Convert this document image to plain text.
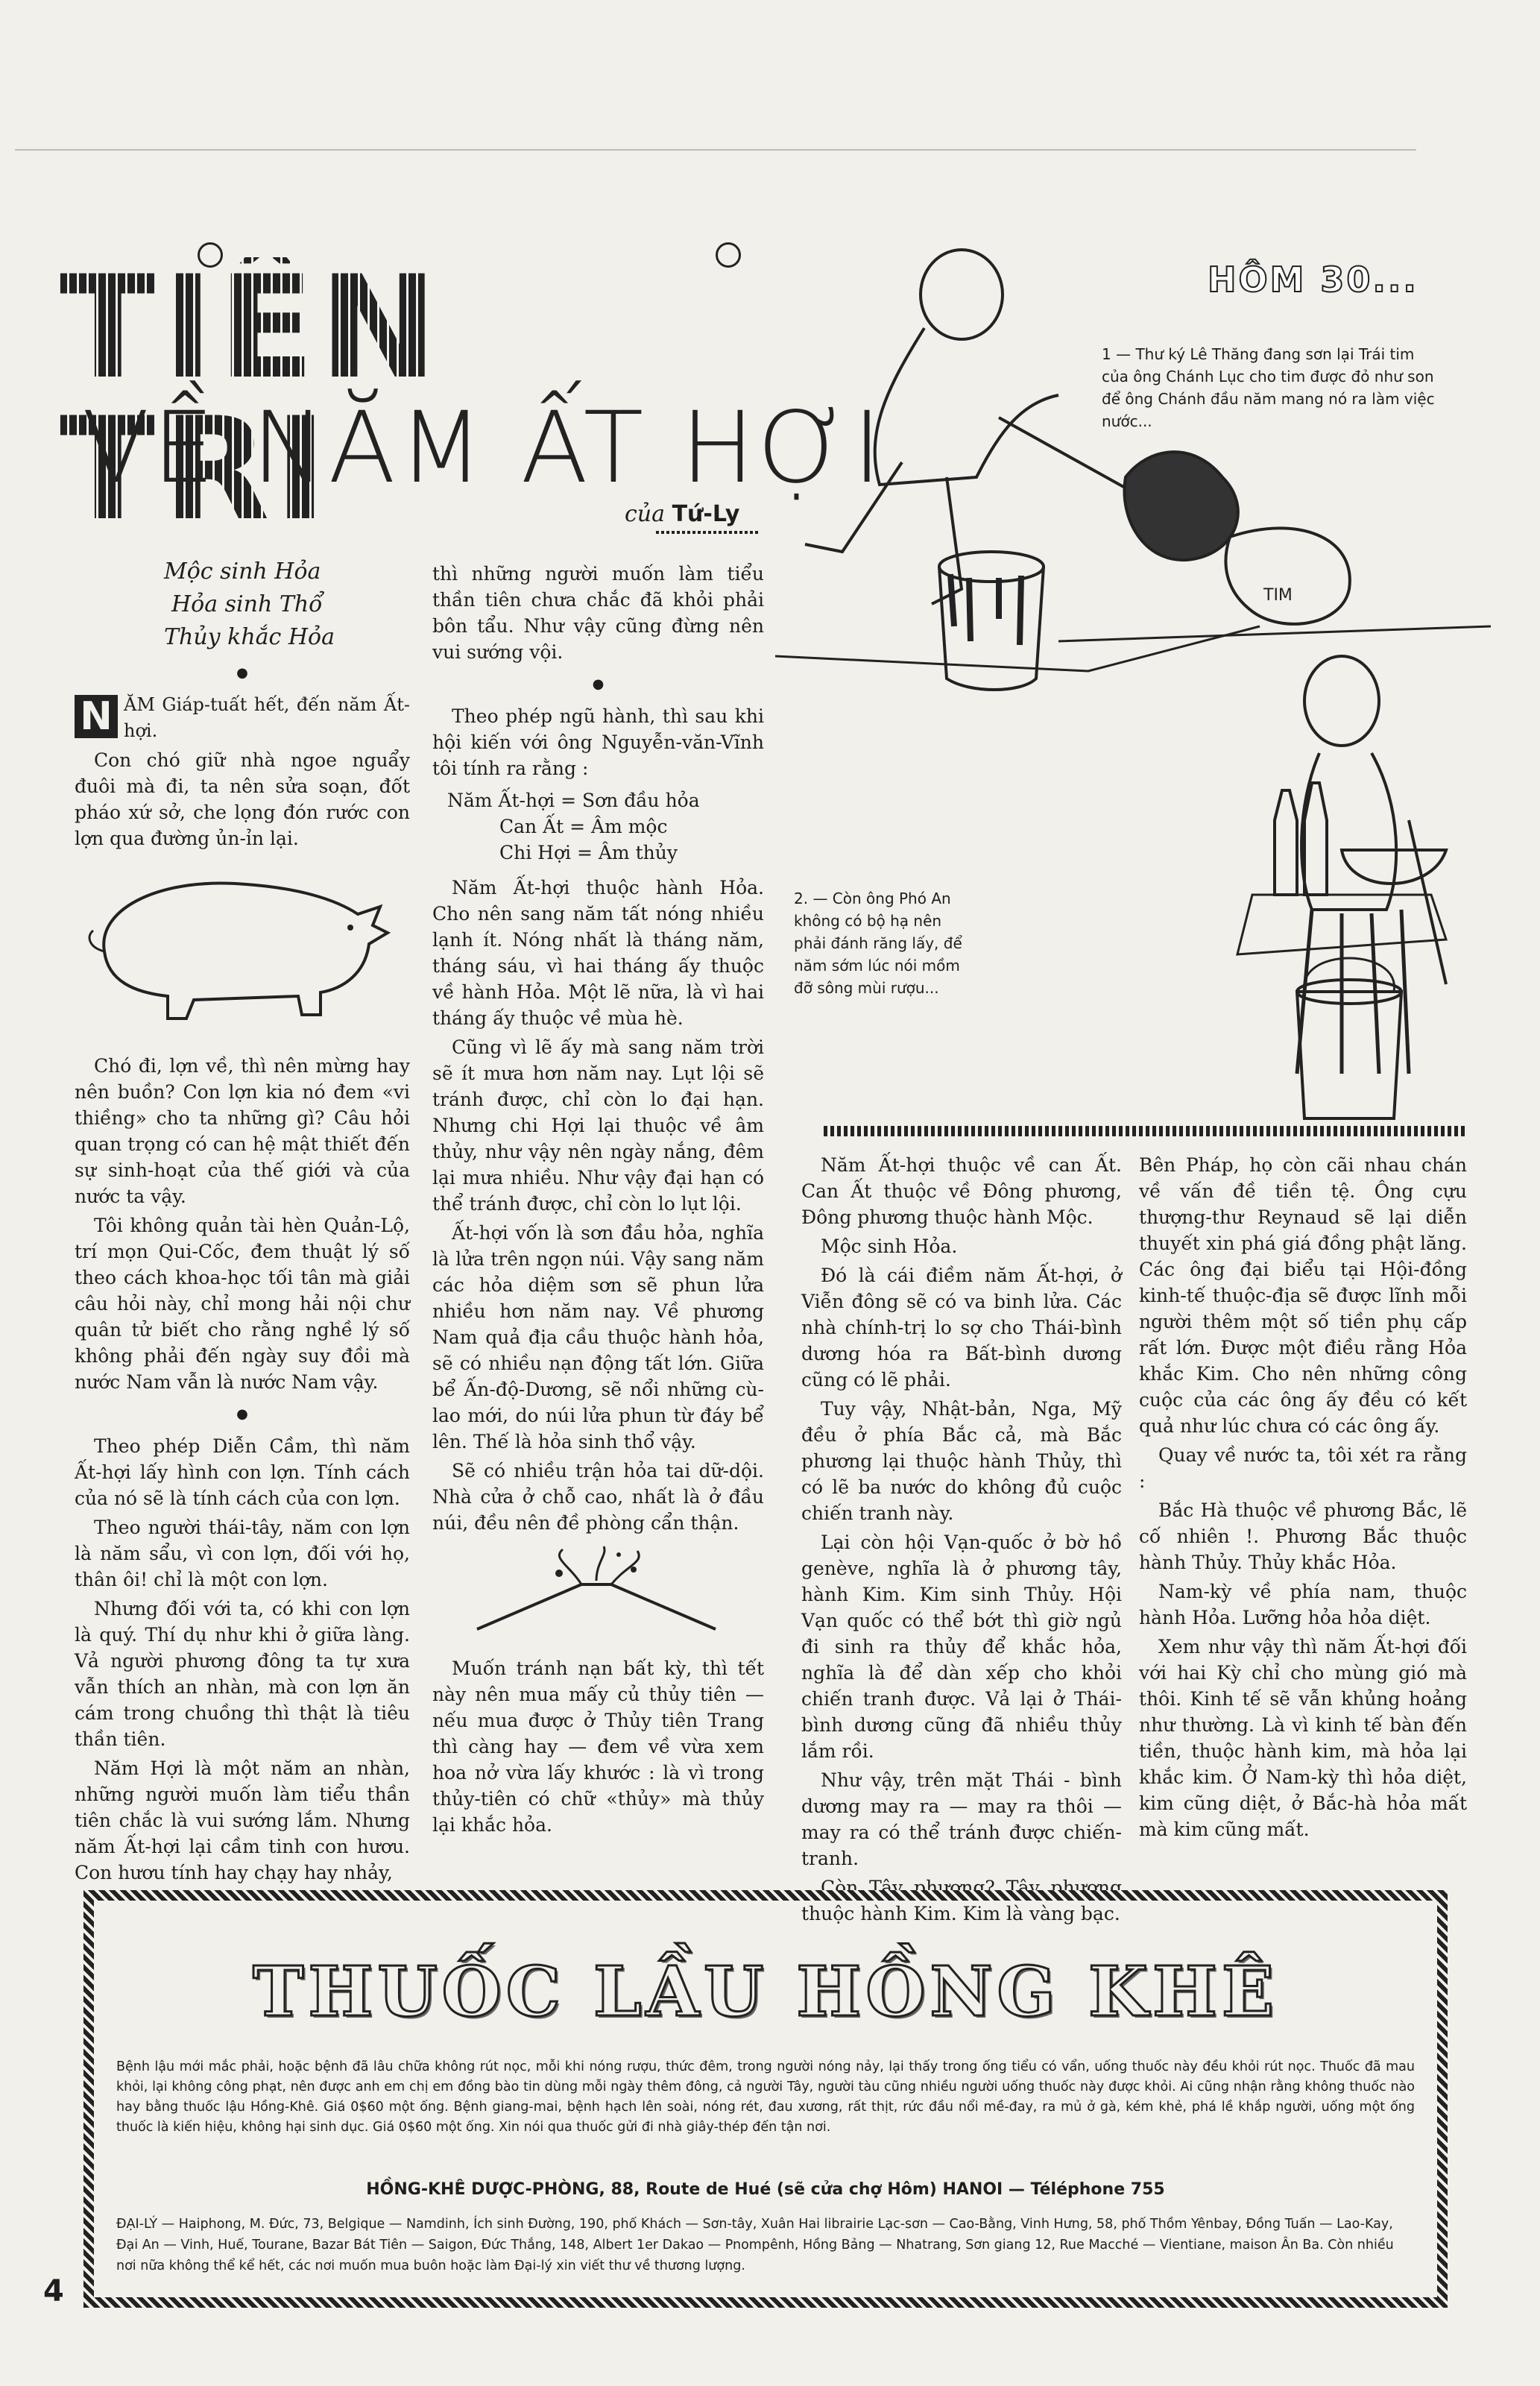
TIÊN TRI
VỀ NĂM ẤT HỢI
của Tứ-Ly
Mộc sinh Hỏa
Hỏa sinh Thổ
Thủy khắc Hỏa
●

N ĂM Giáp-tuất hết, đến năm Ất-hợi.

Con chó giữ nhà ngoe nguẩy đuôi mà đi, ta nên sửa soạn, đốt pháo xứ sở, che lọng đón rước con lợn qua đường ủn-ỉn lại.

Chó đi, lợn về, thì nên mừng hay nên buồn? Con lợn kia nó đem «vi thiềng» cho ta những gì? Câu hỏi quan trọng có can hệ mật thiết đến sự sinh-hoạt của thế giới và của nước ta vậy.

Tôi không quản tài hèn Quản-Lộ, trí mọn Qui-Cốc, đem thuật lý số theo cách khoa-học tối tân mà giải câu hỏi này, chỉ mong hải nội chư quân tử biết cho rằng nghề lý số không phải đến ngày suy đồi mà nước Nam vẫn là nước Nam vậy.

●

Theo phép Diễn Cầm, thì năm Ất-hợi lấy hình con lợn. Tính cách của nó sẽ là tính cách của con lợn.

Theo người thái-tây, năm con lợn là năm sẩu, vì con lợn, đối với họ, thân ôi! chỉ là một con lợn.

Nhưng đối với ta, có khi con lợn là quý. Thí dụ như khi ở giữa làng. Vả người phương đông ta tự xưa vẫn thích an nhàn, mà con lợn ăn cám trong chuồng thì thật là tiêu thần tiên.

Năm Hợi là một năm an nhàn, những người muốn làm tiểu thần tiên chắc là vui sướng lắm. Nhưng năm Ất-hợi lại cầm tinh con hươu. Con hươu tính hay chạy hay nhảy,

thì những người muốn làm tiểu thần tiên chưa chắc đã khỏi phải bôn tẩu. Như vậy cũng đừng nên vui sướng vội.

●

Theo phép ngũ hành, thì sau khi hội kiến với ông Nguyễn-văn-Vĩnh tôi tính ra rằng :

Năm Ất-hợi = Sơn đầu hỏa
Can Ất = Âm mộc
Chi Hợi = Âm thủy

Năm Ất-hợi thuộc hành Hỏa. Cho nên sang năm tất nóng nhiều lạnh ít. Nóng nhất là tháng năm, tháng sáu, vì hai tháng ấy thuộc về hành Hỏa. Một lẽ nữa, là vì hai tháng ấy thuộc về mùa hè.

Cũng vì lẽ ấy mà sang năm trời sẽ ít mưa hơn năm nay. Lụt lội sẽ tránh được, chỉ còn lo đại hạn. Nhưng chi Hợi lại thuộc về âm thủy, như vậy nên ngày nắng, đêm lại mưa nhiều. Như vậy đại hạn có thể tránh được, chỉ còn lo lụt lội.

Ất-hợi vốn là sơn đầu hỏa, nghĩa là lửa trên ngọn núi. Vậy sang năm các hỏa diệm sơn sẽ phun lửa nhiều hơn năm nay. Về phương Nam quả địa cầu thuộc hành hỏa, sẽ có nhiều nạn động tất lớn. Giữa bể Ấn-độ-Dương, sẽ nổi những cù-lao mới, do núi lửa phun từ đáy bể lên. Thế là hỏa sinh thổ vậy.

Sẽ có nhiều trận hỏa tai dữ-dội. Nhà cửa ở chỗ cao, nhất là ở đầu núi, đều nên đề phòng cẩn thận.

Muốn tránh nạn bất kỳ, thì tết này nên mua mấy củ thủy tiên — nếu mua được ở Thủy tiên Trang thì càng hay — đem về vừa xem hoa nở vừa lấy khước : là vì trong thủy-tiên có chữ «thủy» mà thủy lại khắc hỏa.

HÔM 30...
TIM
1 — Thư ký Lê Thăng đang sơn lại Trái tim của ông Chánh Lục cho tim được đỏ như son để ông Chánh đầu năm mang nó ra làm việc nước...
2. — Còn ông Phó An không có bộ hạ nên phải đánh răng lấy, để năm sớm lúc nói mồm đỡ sông mùi rượu...

Năm Ất-hợi thuộc về can Ất. Can Ất thuộc về Đông phương, Đông phương thuộc hành Mộc.

Mộc sinh Hỏa.

Đó là cái điềm năm Ất-hợi, ở Viễn đông sẽ có va binh lửa. Các nhà chính-trị lo sợ cho Thái-bình dương hóa ra Bất-bình dương cũng có lẽ phải.

Tuy vậy, Nhật-bản, Nga, Mỹ đều ở phía Bắc cả, mà Bắc phương lại thuộc hành Thủy, thì có lẽ ba nước do không đủ cuộc chiến tranh này.

Lại còn hội Vạn-quốc ở bờ hồ genève, nghĩa là ở phương tây, hành Kim. Kim sinh Thủy. Hội Vạn quốc có thể bớt thì giờ ngủ đi sinh ra thủy để khắc hỏa, nghĩa là để dàn xếp cho khỏi chiến tranh được. Vả lại ở Thái-bình dương cũng đã nhiều thủy lắm rồi.

Như vậy, trên mặt Thái - bình dương may ra — may ra thôi — may ra có thể tránh được chiến-tranh.

Còn Tây phương? Tây phương thuộc hành Kim. Kim là vàng bạc.

Bên Pháp, họ còn cãi nhau chán về vấn đề tiền tệ. Ông cựu thượng-thư Reynaud sẽ lại diễn thuyết xin phá giá đồng phật lăng. Các ông đại biểu tại Hội-đồng kinh-tế thuộc-địa sẽ được lĩnh mỗi người thêm một số tiền phụ cấp rất lớn. Được một điều rằng Hỏa khắc Kim. Cho nên những công cuộc của các ông ấy đều có kết quả như lúc chưa có các ông ấy.

Quay về nước ta, tôi xét ra rằng :

Bắc Hà thuộc về phương Bắc, lẽ cố nhiên !. Phương Bắc thuộc hành Thủy. Thủy khắc Hỏa.

Nam-kỳ về phía nam, thuộc hành Hỏa. Lưỡng hỏa hỏa diệt.

Xem như vậy thì năm Ất-hợi đối với hai Kỳ chỉ cho mùng gió mà thôi. Kinh tế sẽ vẫn khủng hoảng như thường. Là vì kinh tế bàn đến tiền, thuộc hành kim, mà hỏa lại khắc kim. Ở Nam-kỳ thì hỏa diệt, kim cũng diệt, ở Bắc-hà hỏa mất mà kim cũng mất.

THUỐC LẦU HỒNG KHÊ
Bệnh lậu mới mắc phải, hoặc bệnh đã lâu chữa không rút nọc, mỗi khi nóng rượu, thức đêm, trong người nóng nảy, lại thấy trong ống tiểu có vẩn, uống thuốc này đều khỏi rút nọc. Thuốc đã mau khỏi, lại không công phạt, nên được anh em chị em đồng bào tin dùng mỗi ngày thêm đông, cả người Tây, người tàu cũng nhiều người uống thuốc này được khỏi. Ai cũng nhận rằng không thuốc nào hay bằng thuốc lậu Hồng-Khê. Giá 0$60 một ống. Bệnh giang-mai, bệnh hạch lên soài, nóng rét, đau xương, rất thịt, rức đầu nổi mề-đay, ra mủ ở gà, kém khẻ, phá lề khắp người, uống một ống thuốc là kiến hiệu, không hại sinh dục. Giá 0$60 một ống. Xin nói qua thuốc gửi đi nhà giây-thép đến tận nơi.
HỒNG-KHÊ DƯỢC-PHÒNG, 88, Route de Hué (sẽ cửa chợ Hôm) HANOI — Téléphone 755
ĐẠI-LÝ — Haiphong, M. Đức, 73, Belgique — Namdinh, Ích sinh Đường, 190, phố Khách — Sơn-tây, Xuân Hai librairie Lạc-sơn — Cao-Bằng, Vinh Hưng, 58, phố Thồm Yênbay, Đồng Tuấn — Lao-Kay, Đại An — Vinh, Huế, Tourane, Bazar Bát Tiên — Saigon, Đức Thắng, 148, Albert 1er Dakao — Pnompênh, Hồng Bảng — Nhatrang, Sơn giang 12, Rue Macché — Vientiane, maison Ân Ba. Còn nhiều nơi nữa không thể kể hết, các nơi muốn mua buôn hoặc làm Đại-lý xin viết thư về thương lượng.
4
